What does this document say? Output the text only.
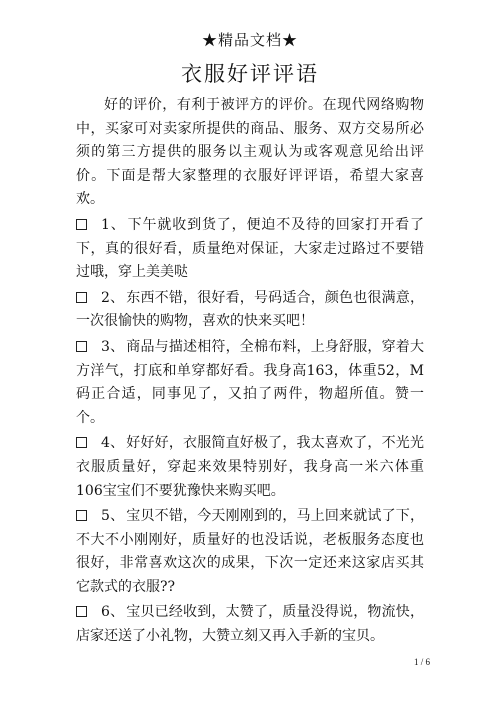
★精品文档★
衣服好评评语

好的评价，有利于被评方的评价。在现代网络购物中，买家可对卖家所提供的商品、服务、双方交易所必须的第三方提供的服务以主观认为或客观意见给出评价。下面是帮大家整理的衣服好评评语，希望大家喜欢。

1、 下午就收到货了，便迫不及待的回家打开看了下，真的很好看，质量绝对保证，大家走过路过不要错过哦，穿上美美哒

2、 东西不错，很好看，号码适合，颜色也很满意，一次很愉快的购物，喜欢的快来买吧！

3、 商品与描述相符，全棉布料，上身舒服，穿着大方洋气，打底和单穿都好看。我身高163，体重52，M码正合适，同事见了，又拍了两件，物超所值。赞一个。

4、 好好好，衣服简直好极了，我太喜欢了，不光光衣服质量好，穿起来效果特别好，我身高一米六体重106宝宝们不要犹豫快来购买吧。

5、 宝贝不错，今天刚刚到的，马上回来就试了下，不大不小刚刚好，质量好的也没话说，老板服务态度也很好，非常喜欢这次的成果，下次一定还来这家店买其它款式的衣服??

6、 宝贝已经收到，太赞了，质量没得说，物流快，店家还送了小礼物，大赞立刻又再入手新的宝贝。

1 / 6
